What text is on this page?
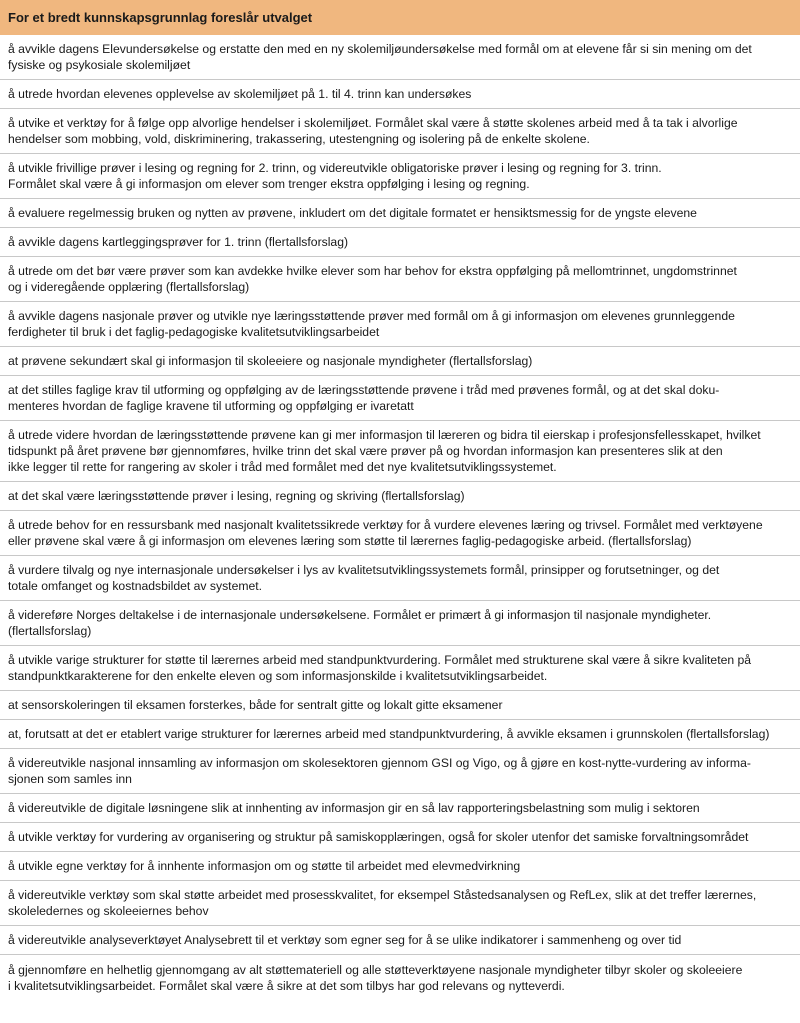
For et bredt kunnskapsgrunnlag foreslår utvalget
å avvikle dagens Elevundersøkelse og erstatte den med en ny skolemiljøundersøkelse med formål om at elevene får si sin mening om det
fysiske og psykosiale skolemiljøet
å utrede hvordan elevenes opplevelse av skolemiljøet på 1. til 4. trinn kan undersøkes
å utvike et verktøy for å følge opp alvorlige hendelser i skolemiljøet. Formålet skal være å støtte skolenes arbeid med å ta tak i alvorlige
hendelser som mobbing, vold, diskriminering, trakassering, utestengning og isolering på de enkelte skolene.
å utvikle frivillige prøver i lesing og regning for 2. trinn, og videreutvikle obligatoriske prøver i lesing og regning for 3. trinn.
Formålet skal være å gi informasjon om elever som trenger ekstra oppfølging i lesing og regning.
å evaluere regelmessig bruken og nytten av prøvene, inkludert om det digitale formatet er hensiktsmessig for de yngste elevene
å avvikle dagens kartleggingsprøver for 1. trinn (flertallsforslag)
å utrede om det bør være prøver som kan avdekke hvilke elever som har behov for ekstra oppfølging på mellomtrinnet, ungdomstrinnet
og i videregående opplæring (flertallsforslag)
å avvikle dagens nasjonale prøver og utvikle nye læringsstøttende prøver med formål om å gi informasjon om elevenes grunnleggende
ferdigheter til bruk i det faglig-pedagogiske kvalitetsutviklingsarbeidet
at prøvene sekundært skal gi informasjon til skoleeiere og nasjonale myndigheter (flertallsforslag)
at det stilles faglige krav til utforming og oppfølging av de læringsstøttende prøvene i tråd med prøvenes formål, og at det skal doku-
menteres hvordan de faglige kravene til utforming og oppfølging er ivaretatt
å utrede videre hvordan de læringsstøttende prøvene kan gi mer informasjon til læreren og bidra til eierskap i profesjonsfellesskapet, hvilket
tidspunkt på året prøvene bør gjennomføres, hvilke trinn det skal være prøver på og hvordan informasjon kan presenteres slik at den
ikke legger til rette for rangering av skoler i tråd med formålet med det nye kvalitetsutviklingssystemet.
at det skal være læringsstøttende prøver i lesing, regning og skriving (flertallsforslag)
å utrede behov for en ressursbank med nasjonalt kvalitetssikrede verktøy for å vurdere elevenes læring og trivsel. Formålet med verktøyene
eller prøvene skal være å gi informasjon om elevenes læring som støtte til lærernes faglig-pedagogiske arbeid. (flertallsforslag)
å vurdere tilvalg og nye internasjonale undersøkelser i lys av kvalitetsutviklingssystemets formål, prinsipper og forutsetninger, og det
totale omfanget og kostnadsbildet av systemet.
å videreføre Norges deltakelse i de internasjonale undersøkelsene. Formålet er primært å gi informasjon til nasjonale myndigheter.
(flertallsforslag)
å utvikle varige strukturer for støtte til lærernes arbeid med standpunktvurdering. Formålet med strukturene skal være å sikre kvaliteten på
standpunktkarakterene for den enkelte eleven og som informasjonskilde i kvalitetsutviklingsarbeidet.
at sensorskoleringen til eksamen forsterkes, både for sentralt gitte og lokalt gitte eksamener
at, forutsatt at det er etablert varige strukturer for lærernes arbeid med standpunktvurdering, å avvikle eksamen i grunnskolen (flertallsforslag)
å videreutvikle nasjonal innsamling av informasjon om skolesektoren gjennom GSI og Vigo, og å gjøre en kost-nytte-vurdering av informa-
sjonen som samles inn
å videreutvikle de digitale løsningene slik at innhenting av informasjon gir en så lav rapporteringsbelastning som mulig i sektoren
å utvikle verktøy for vurdering av organisering og struktur på samiskopplæringen, også for skoler utenfor det samiske forvaltningsområdet
å utvikle egne verktøy for å innhente informasjon om og støtte til arbeidet med elevmedvirkning
å videreutvikle verktøy som skal støtte arbeidet med prosesskvalitet, for eksempel Ståstedsanalysen og RefLex, slik at det treffer lærernes,
skoleledernes og skoleeiernes behov
å videreutvikle analyseverktøyet Analysebrett til et verktøy som egner seg for å se ulike indikatorer i sammenheng og over tid
å gjennomføre en helhetlig gjennomgang av alt støttemateriell og alle støtteverktøyene nasjonale myndigheter tilbyr skoler og skoleeiere
i kvalitetsutviklingsarbeidet. Formålet skal være å sikre at det som tilbys har god relevans og nytteverdi.
